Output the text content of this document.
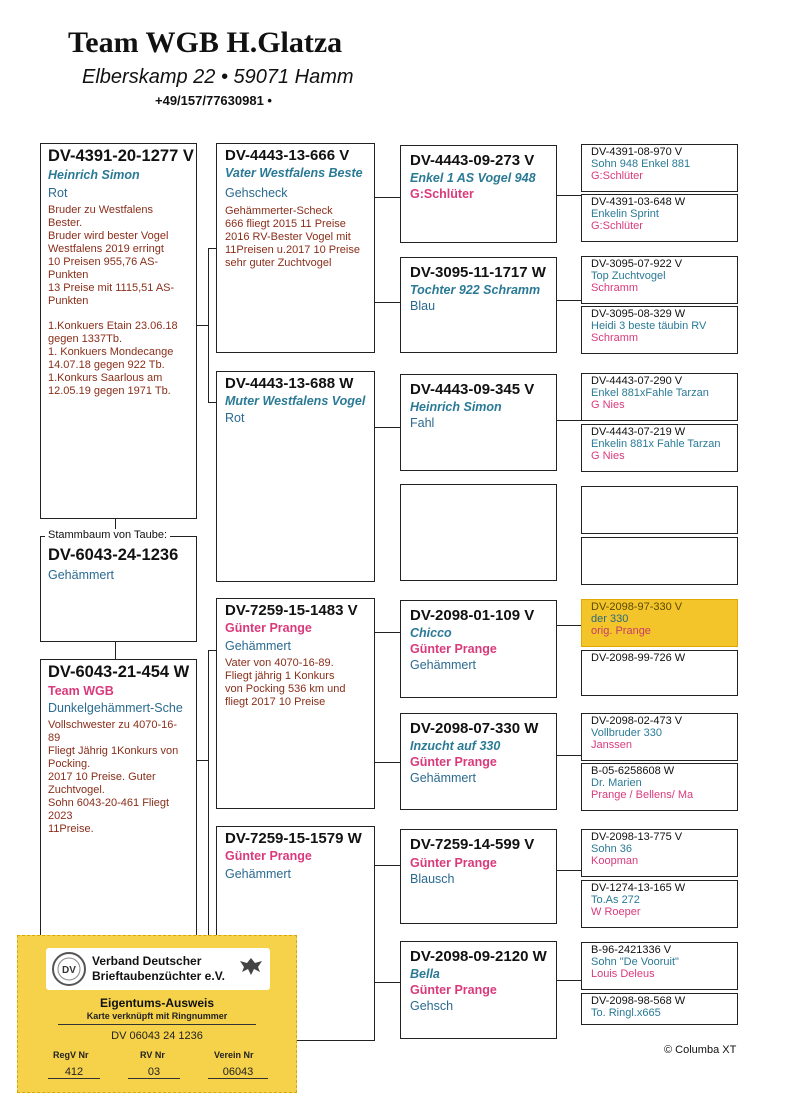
Team WGB H.Glatza
Elberskamp 22 • 59071 Hamm
+49/157/77630981 •
DV-4391-20-1277 V
Heinrich Simon
Rot
Bruder zu Westfalens
Bester.
Bruder wird bester Vogel
Westfalens 2019 erringt
10 Preisen 955,76 AS-
Punkten
13 Preise mit 1115,51 AS-
Punkten
1.Konkuers Etain 23.06.18
gegen 1337Tb.
1. Konkuers Mondecange
14.07.18 gegen 922 Tb.
1.Konkurs Saarlous am
12.05.19 gegen 1971 Tb.
Stammbaum von Taube:
DV-6043-24-1236
Gehämmert
DV-6043-21-454 W
Team WGB
Dunkelgehämmert-Sche
Vollschwester zu 4070-16-
89
Fliegt Jährig 1Konkurs von
Pocking.
2017 10 Preise. Guter
Zuchtvogel.
Sohn 6043-20-461 Fliegt
2023
11Preise.
DV-4443-13-666 V
Vater Westfalens Beste
Gehscheck
Gehämmerter-Scheck
666 fliegt 2015 11 Preise
2016 RV-Bester Vogel mit
11Preisen u.2017 10 Preise
sehr guter Zuchtvogel
DV-4443-13-688 W
Muter Westfalens Vogel
Rot
DV-7259-15-1483 V
Günter Prange
Gehämmert
Vater von 4070-16-89.
Fliegt jährig 1 Konkurs
von Pocking 536 km und
fliegt 2017 10 Preise
DV-7259-15-1579 W
Günter Prange
Gehämmert
DV-4443-09-273 V
Enkel 1 AS Vogel 948
G:Schlüter
DV-3095-11-1717 W
Tochter 922 Schramm
Blau
DV-4443-09-345 V
Heinrich Simon
Fahl
DV-2098-01-109 V
Chicco
Günter Prange
Gehämmert
DV-2098-07-330 W
Inzucht auf 330
Günter Prange
Gehämmert
DV-7259-14-599 V
Günter Prange
Blausch
DV-2098-09-2120 W
Bella
Günter Prange
Gehsch
DV-4391-08-970 V
Sohn 948 Enkel 881
G:Schlüter
DV-4391-03-648 W
Enkelin Sprint
G:Schlüter
DV-3095-07-922 V
Top Zuchtvogel
Schramm
DV-3095-08-329 W
Heidi 3 beste täubin RV
Schramm
DV-4443-07-290 V
Enkel 881xFahle Tarzan
G Nies
DV-4443-07-219 W
Enkelin 881x Fahle Tarzan
G Nies
DV-2098-97-330 V
der 330
orig. Prange
DV-2098-99-726 W
DV-2098-02-473 V
Vollbruder 330
Janssen
B-05-6258608 W
Dr. Marien
Prange / Bellens/ Ma
DV-2098-13-775 V
Sohn 36
Koopman
DV-1274-13-165 W
To.As 272
W Roeper
B-96-2421336 V
Sohn "De Vooruit"
Louis Deleus
DV-2098-98-568 W
To. Ringl.x665
© Columba XT
DV
Verband Deutscher
Brieftaubenzüchter e.V.
Eigentums-Ausweis
Karte verknüpft mit Ringnummer
DV 06043 24 1236
RegV Nr	RV Nr	Verein Nr
412	03	06043
